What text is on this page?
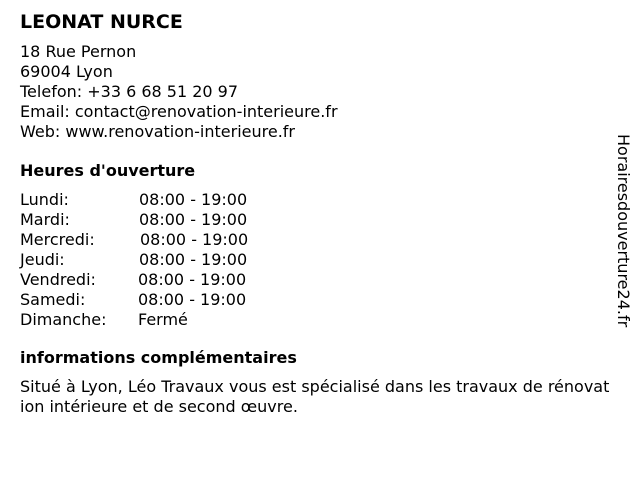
LEONAT NURCE
18 Rue Pernon
69004 Lyon
Telefon: +33 6 68 51 20 97
Email: contact@renovation-interieure.fr
Web: www.renovation-interieure.fr
Heures d'ouverture
Lundi:	08:00 - 19:00
Mardi:	08:00 - 19:00
Mercredi:	08:00 - 19:00
Jeudi:	08:00 - 19:00
Vendredi:	08:00 - 19:00
Samedi:	08:00 - 19:00
Dimanche:	Fermé
informations complémentaires
Situé à Lyon, Léo Travaux vous est spécialisé dans les travaux de rénovation intérieure et de second œuvre.
Horairesdouverture24.fr
